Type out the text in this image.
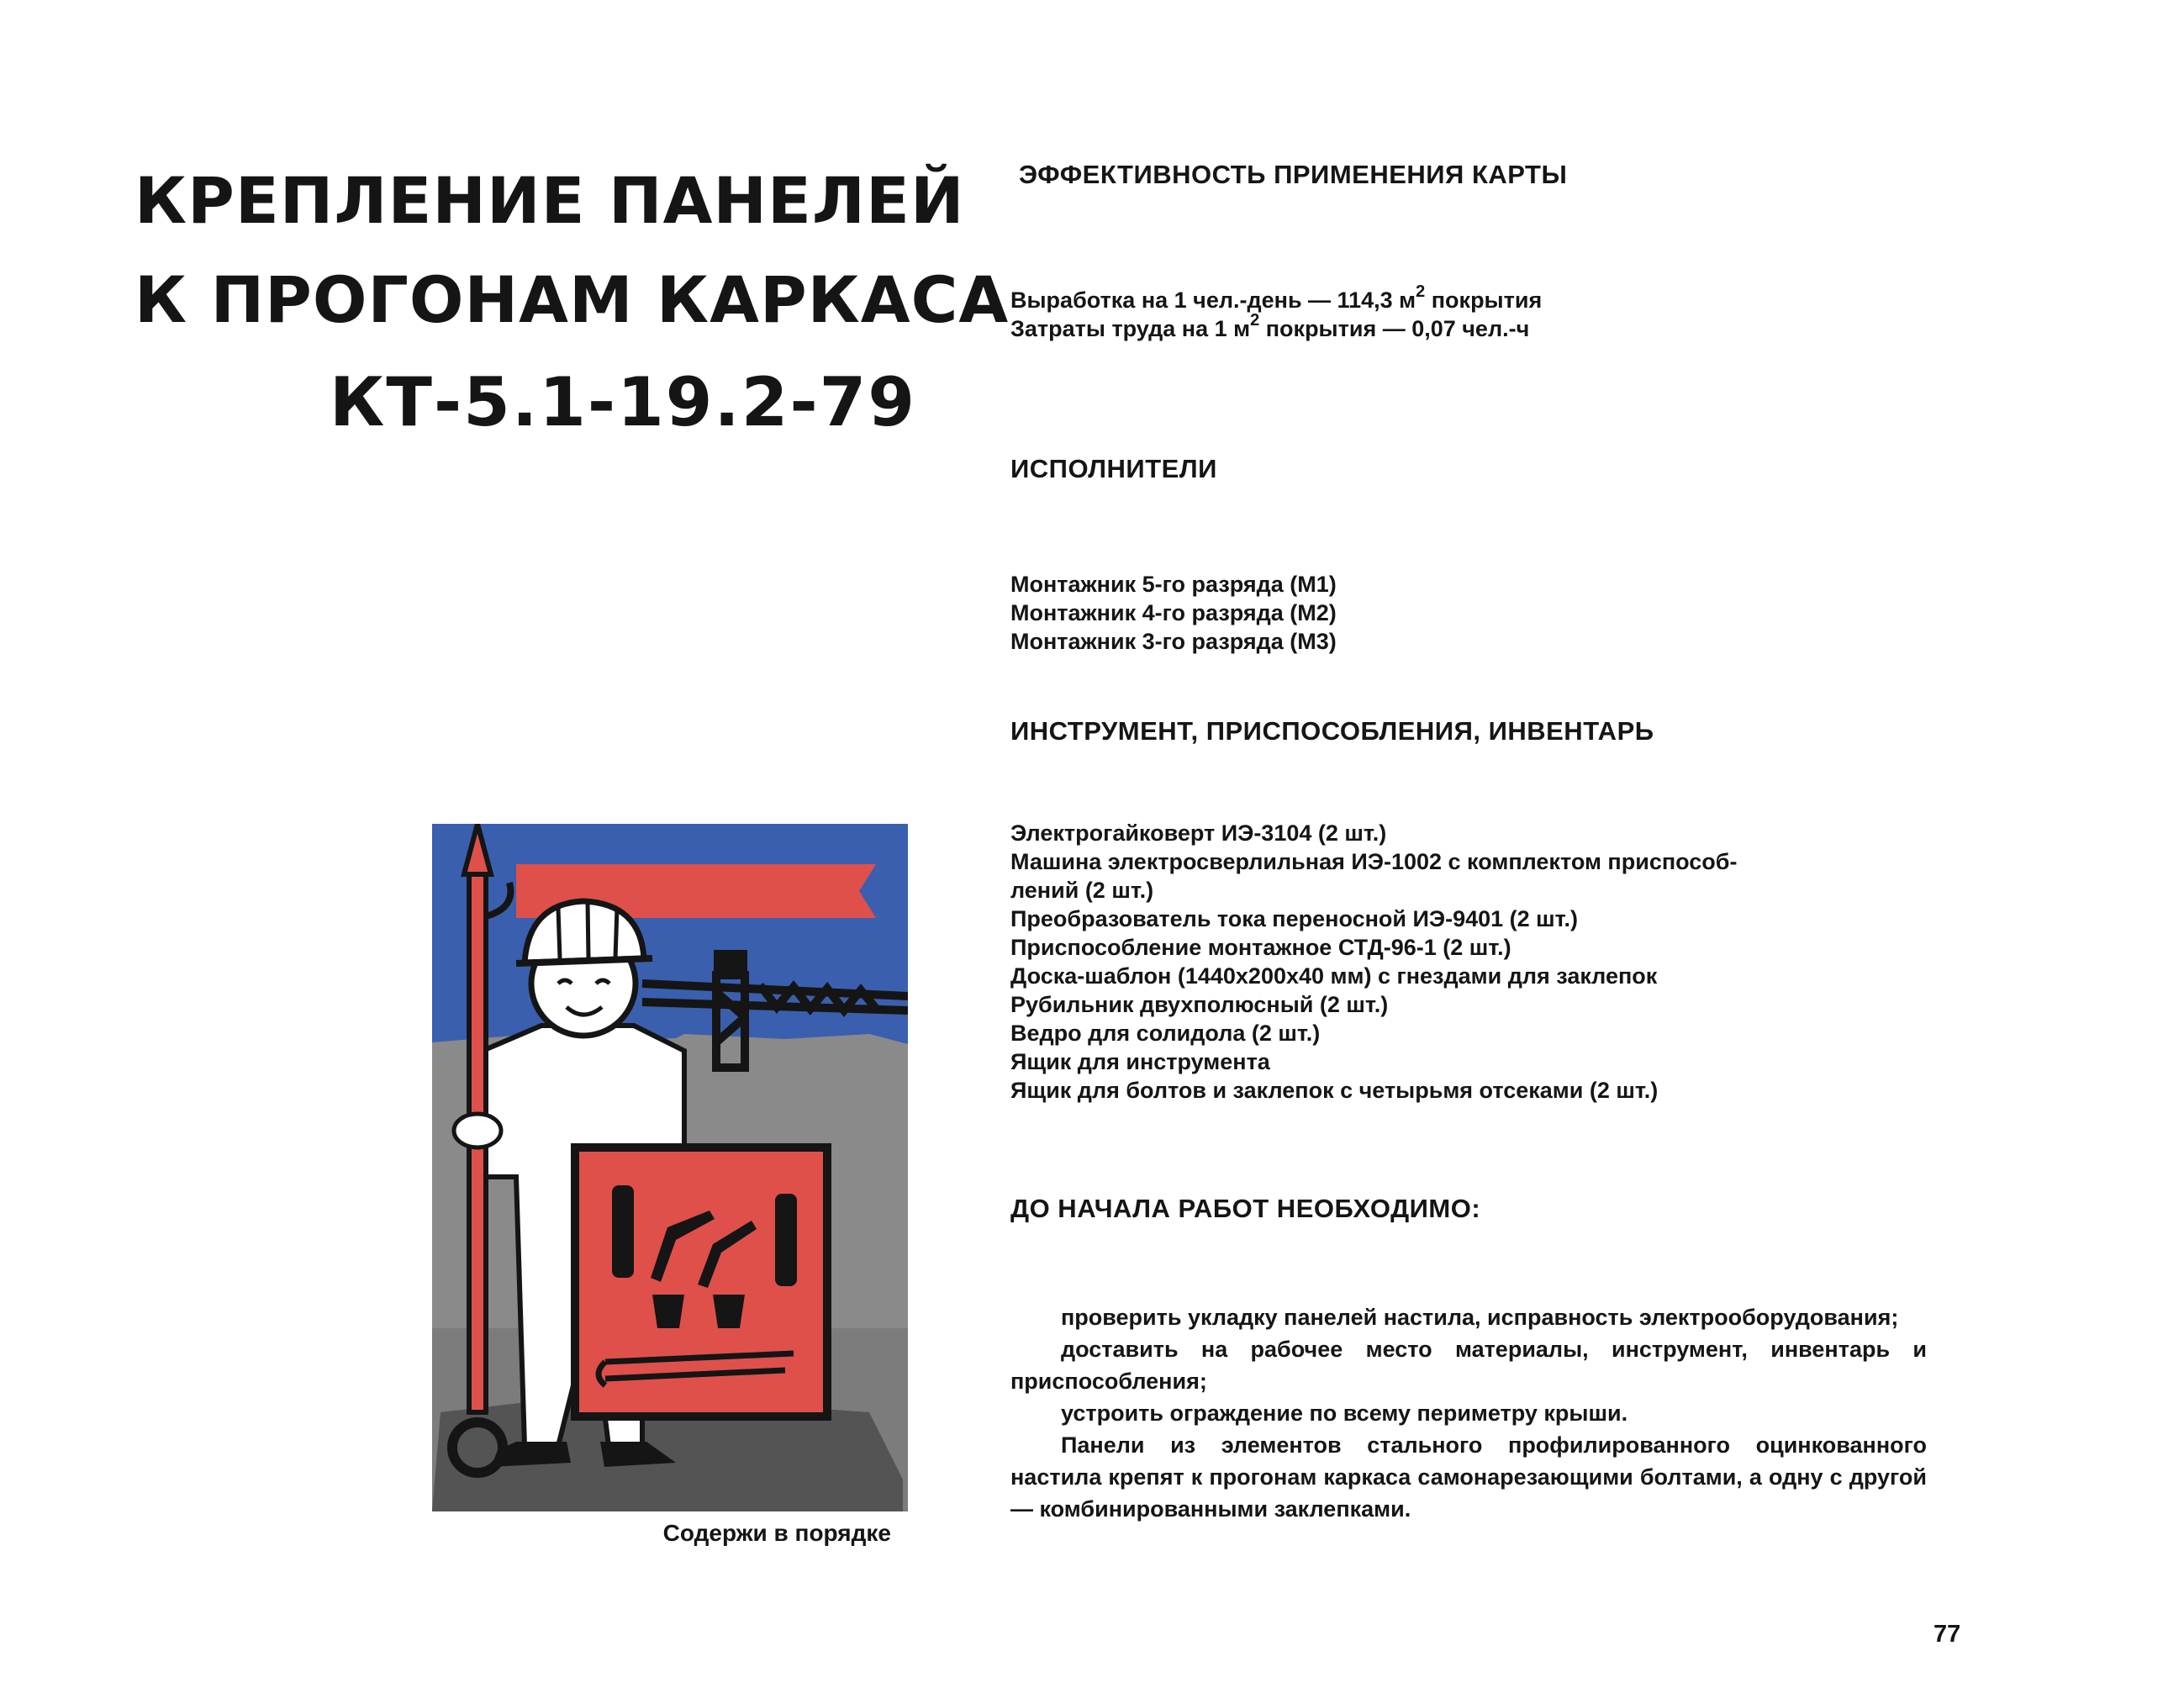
КРЕПЛЕНИЕ ПАНЕЛЕЙ
К ПРОГОНАМ КАРКАСА
КТ-5.1-19.2-79
ЭФФЕКТИВНОСТЬ ПРИМЕНЕНИЯ КАРТЫ
Выработка на 1 чел.-день — 114,3 $м^2$ покрытия
Затраты труда на 1 $м^2$ покрытия — 0,07 чел.-ч
ИСПОЛНИТЕЛИ
Монтажник 5-го разряда (М1)
Монтажник 4-го разряда (М2)
Монтажник 3-го разряда (М3)
ИНСТРУМЕНТ, ПРИСПОСОБЛЕНИЯ, ИНВЕНТАРЬ
Электрогайковерт ИЭ-3104 (2 шт.)
Машина электросверлильная ИЭ-1002 с комплектом приспособ-
лений (2 шт.)
Преобразователь тока переносной ИЭ-9401 (2 шт.)
Приспособление монтажное СТД-96-1 (2 шт.)
Доска-шаблон (1440х200х40 мм) с гнездами для заклепок
Рубильник двухполюсный (2 шт.)
Ведро для солидола (2 шт.)
Ящик для инструмента
Ящик для болтов и заклепок с четырьмя отсеками (2 шт.)
ДО НАЧАЛА РАБОТ НЕОБХОДИМО:
проверить укладку панелей настила, исправность электрооборудования;
доставить на рабочее место материалы, инструмент, инвентарь и приспособления;
устроить ограждение по всему периметру крыши.
Панели из элементов стального профилированного оцинкованного настила крепят к прогонам каркаса самонарезающими болтами, а одну с другой — комбинированными заклепками.
Содержи в порядке
77
